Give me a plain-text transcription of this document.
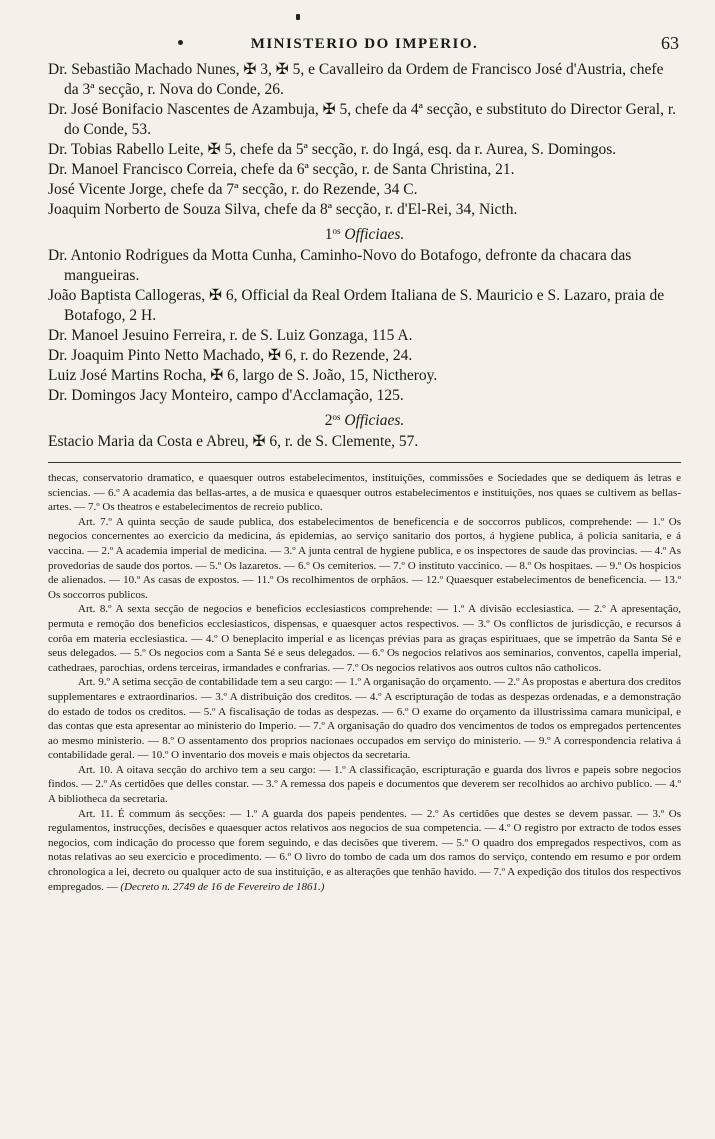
MINISTERIO DO IMPERIO.	63

Dr. Sebastião Machado Nunes, ✠ 3, ✠ 5, e Cavalleiro da Ordem de Francisco José d'Austria, chefe da 3ª secção, r. Nova do Conde, 26.

Dr. José Bonifacio Nascentes de Azambuja, ✠ 5, chefe da 4ª secção, e substituto do Director Geral, r. do Conde, 53.

Dr. Tobias Rabello Leite, ✠ 5, chefe da 5ª secção, r. do Ingá, esq. da r. Aurea, S. Domingos.

Dr. Manoel Francisco Correia, chefe da 6ª secção, r. de Santa Christina, 21.

José Vicente Jorge, chefe da 7ª secção, r. do Rezende, 34 C.

Joaquim Norberto de Souza Silva, chefe da 8ª secção, r. d'El-Rei, 34, Nicth.

$1^{os}$ Officiaes.

Dr. Antonio Rodrigues da Motta Cunha, Caminho-Novo do Botafogo, defronte da chacara das mangueiras.

João Baptista Callogeras, ✠ 6, Official da Real Ordem Italiana de S. Mauricio e S. Lazaro, praia de Botafogo, 2 H.

Dr. Manoel Jesuino Ferreira, r. de S. Luiz Gonzaga, 115 A.

Dr. Joaquim Pinto Netto Machado, ✠ 6, r. do Rezende, 24.

Luiz José Martins Rocha, ✠ 6, largo de S. João, 15, Nictheroy.

Dr. Domingos Jacy Monteiro, campo d'Acclamação, 125.

$2^{os}$ Officiaes.

Estacio Maria da Costa e Abreu, ✠ 6, r. de S. Clemente, 57.

thecas, conservatorio dramatico, e quaesquer outros estabelecimentos, instituições, commissões e Sociedades que se dediquem ás letras e sciencias. — 6.º A academia das bellas-artes, a de musica e quaesquer outros estabelecimentos e instituições, nos quaes se cultivem as bellas-artes. — 7.º Os theatros e estabelecimentos de recreio publico.

Art. 7.º A quinta secção de saude publica, dos estabelecimentos de beneficencia e de soccorros publicos, comprehende: — 1.º Os negocios concernentes ao exercicio da medicina, ás epidemias, ao serviço sanitario dos portos, á hygiene publica, á policia sanitaria, e á vaccina. — 2.º A academia imperial de medicina. — 3.º A junta central de hygiene publica, e os inspectores de saude das provincias. — 4.º As provedorias de saude dos portos. — 5.º Os lazaretos. — 6.º Os cemiterios. — 7.º O instituto vaccinico. — 8.º Os hospitaes. — 9.º Os hospicios de alienados. — 10.º As casas de expostos. — 11.º Os recolhimentos de orphãos. — 12.º Quaesquer estabelecimentos de beneficencia. — 13.º Os soccorros publicos.

Art. 8.º A sexta secção de negocios e beneficios ecclesiasticos comprehende: — 1.º A divisão ecclesiastica. — 2.º A apresentação, permuta e remoção dos beneficios ecclesiasticos, dispensas, e quaesquer actos respectivos. — 3.º Os conflictos de jurisdicção, e recursos á corôa em materia ecclesiastica. — 4.º O beneplacito imperial e as licenças prévias para as graças espirituaes, que se impetrão da Santa Sé e seus delegados. — 5.º Os negocios com a Santa Sé e seus delegados. — 6.º Os negocios relativos aos seminarios, conventos, capella imperial, cathedraes, parochias, ordens terceiras, irmandades e confrarias. — 7.º Os negocios relativos aos outros cultos não catholicos.

Art. 9.º A setima secção de contabilidade tem a seu cargo: — 1.º A organisação do orçamento. — 2.º As propostas e abertura dos creditos supplementares e extraordinarios. — 3.º A distribuição dos creditos. — 4.º A escripturação de todas as despezas ordenadas, e a demonstração do estado de todos os creditos. — 5.º A fiscalisação de todas as despezas. — 6.º O exame do orçamento da illustrissima camara municipal, e das contas que esta apresentar ao ministerio do Imperio. — 7.º A organisação do quadro dos vencimentos de todos os empregados pertencentes ao mesmo ministerio. — 8.º O assentamento dos proprios nacionaes occupados em serviço do ministerio. — 9.º A correspondencia relativa á contabilidade geral. — 10.º O inventario dos moveis e mais objectos da secretaria.

Art. 10. A oitava secção do archivo tem a seu cargo: — 1.º A classificação, escripturação e guarda dos livros e papeis sobre negocios findos. — 2.º As certidões que delles constar. — 3.º A remessa dos papeis e documentos que deverem ser recolhidos ao archivo publico. — 4.º A bibliotheca da secretaria.

Art. 11. É commum ás secções: — 1.º A guarda dos papeis pendentes. — 2.º As certidões que destes se devem passar. — 3.º Os regulamentos, instrucções, decisões e quaesquer actos relativos aos negocios de sua competencia. — 4.º O registro por extracto de todos esses negocios, com indicação do processo que forem seguindo, e das decisões que tiverem. — 5.º O quadro dos empregados respectivos, com as notas relativas ao seu exercicio e procedimento. — 6.º O livro do tombo de cada um dos ramos do serviço, contendo em resumo e por ordem chronologica a lei, decreto ou qualquer acto de sua instituição, e as alterações que tenhão havido. — 7.º A expedição dos titulos dos respectivos empregados. — (Decreto n. 2749 de 16 de Fevereiro de 1861.)
